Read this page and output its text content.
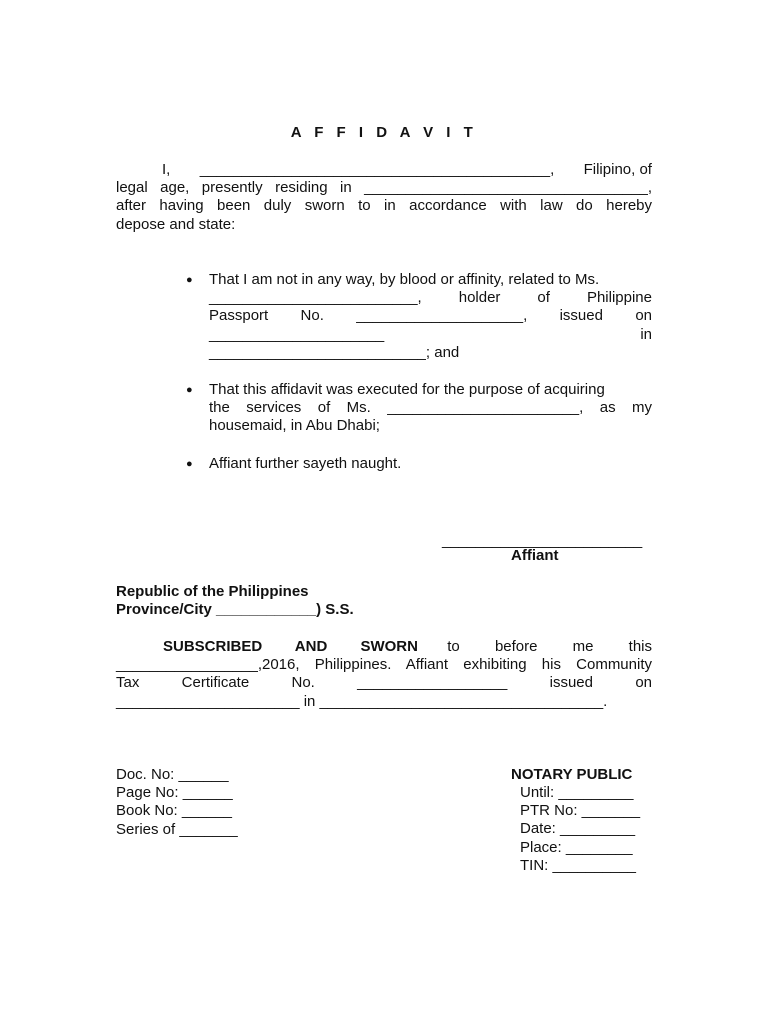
A F F I D A V I T
I, __________________________________________, Filipino, of
legal age, presently residing in __________________________________,
after having been duly sworn to in accordance with law do hereby
depose and state:
● That I am not in any way, by blood or affinity, related to Ms.
_________________________, holder of Philippine
Passport No. ____________________, issued on
_____________________ in
__________________________; and
● That this affidavit was executed for the purpose of acquiring
the services of Ms. _______________________, as my
housemaid, in Abu Dhabi;
● Affiant further sayeth naught.
________________________
Affiant
Republic of the Philippines
Province/City ____________) S.S.
SUBSCRIBED AND SWORN to before me this
_________________,2016, Philippines. Affiant exhibiting his Community
Tax Certificate No. __________________ issued on
______________________ in __________________________________.
Doc. No: ______
Page No: ______
Book No: ______
Series of _______
NOTARY PUBLIC
Until: _________
PTR No: _______
Date: _________
Place: ________
TIN: __________
